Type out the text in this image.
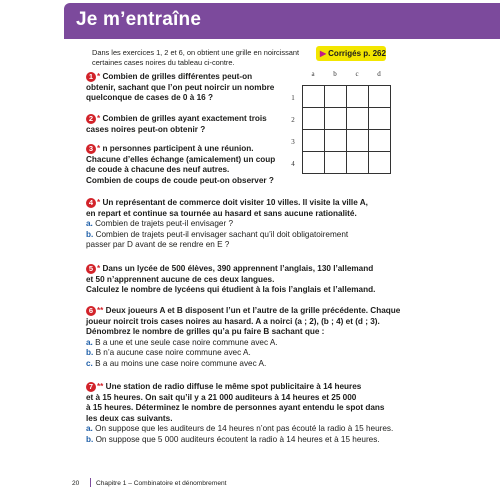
Je m’entraîne
Dans les exercices 1, 2 et 6, on obtient une grille en noircissant certaines cases noires du tableau ci-contre.
▶ Corrigés p. 262
a	b	c	d
1
2
3
4
1 * Combien de grilles différentes peut-on
obtenir, sachant que l’on peut noircir un nombre
quelconque de cases de 0 à 16 ?
2 * Combien de grilles ayant exactement trois
cases noires peut-on obtenir ?
3 * n personnes participent à une réunion.
Chacune d’elles échange (amicalement) un coup
de coude à chacune des neuf autres.
Combien de coups de coude peut-on observer ?
4 * Un représentant de commerce doit visiter 10 villes. Il visite la ville A,
en repart et continue sa tournée au hasard et sans aucune rationalité.
a. Combien de trajets peut-il envisager ?
b. Combien de trajets peut-il envisager sachant qu’il doit obligatoirement
passer par D avant de se rendre en E ?
5 * Dans un lycée de 500 élèves, 390 apprennent l’anglais, 130 l’allemand
et 50 n’apprennent aucune de ces deux langues.
Calculez le nombre de lycéens qui étudient à la fois l’anglais et l’allemand.
6 ** Deux joueurs A et B disposent l’un et l’autre de la grille précédente. Chaque
joueur noircit trois cases noires au hasard. A a noirci (a ; 2), (b ; 4) et (d ; 3).
Dénombrez le nombre de grilles qu’a pu faire B sachant que :
a. B a une et une seule case noire commune avec A.
b. B n’a aucune case noire commune avec A.
c. B a au moins une case noire commune avec A.
7 ** Une station de radio diffuse le même spot publicitaire à 14 heures
et à 15 heures. On sait qu’il y a 21 000 auditeurs à 14 heures et 25 000
à 15 heures. Déterminez le nombre de personnes ayant entendu le spot dans
les deux cas suivants.
a. On suppose que les auditeurs de 14 heures n’ont pas écouté la radio à 15 heures.
b. On suppose que 5 000 auditeurs écoutent la radio à 14 heures et à 15 heures.
20	Chapitre 1 – Combinatoire et dénombrement
